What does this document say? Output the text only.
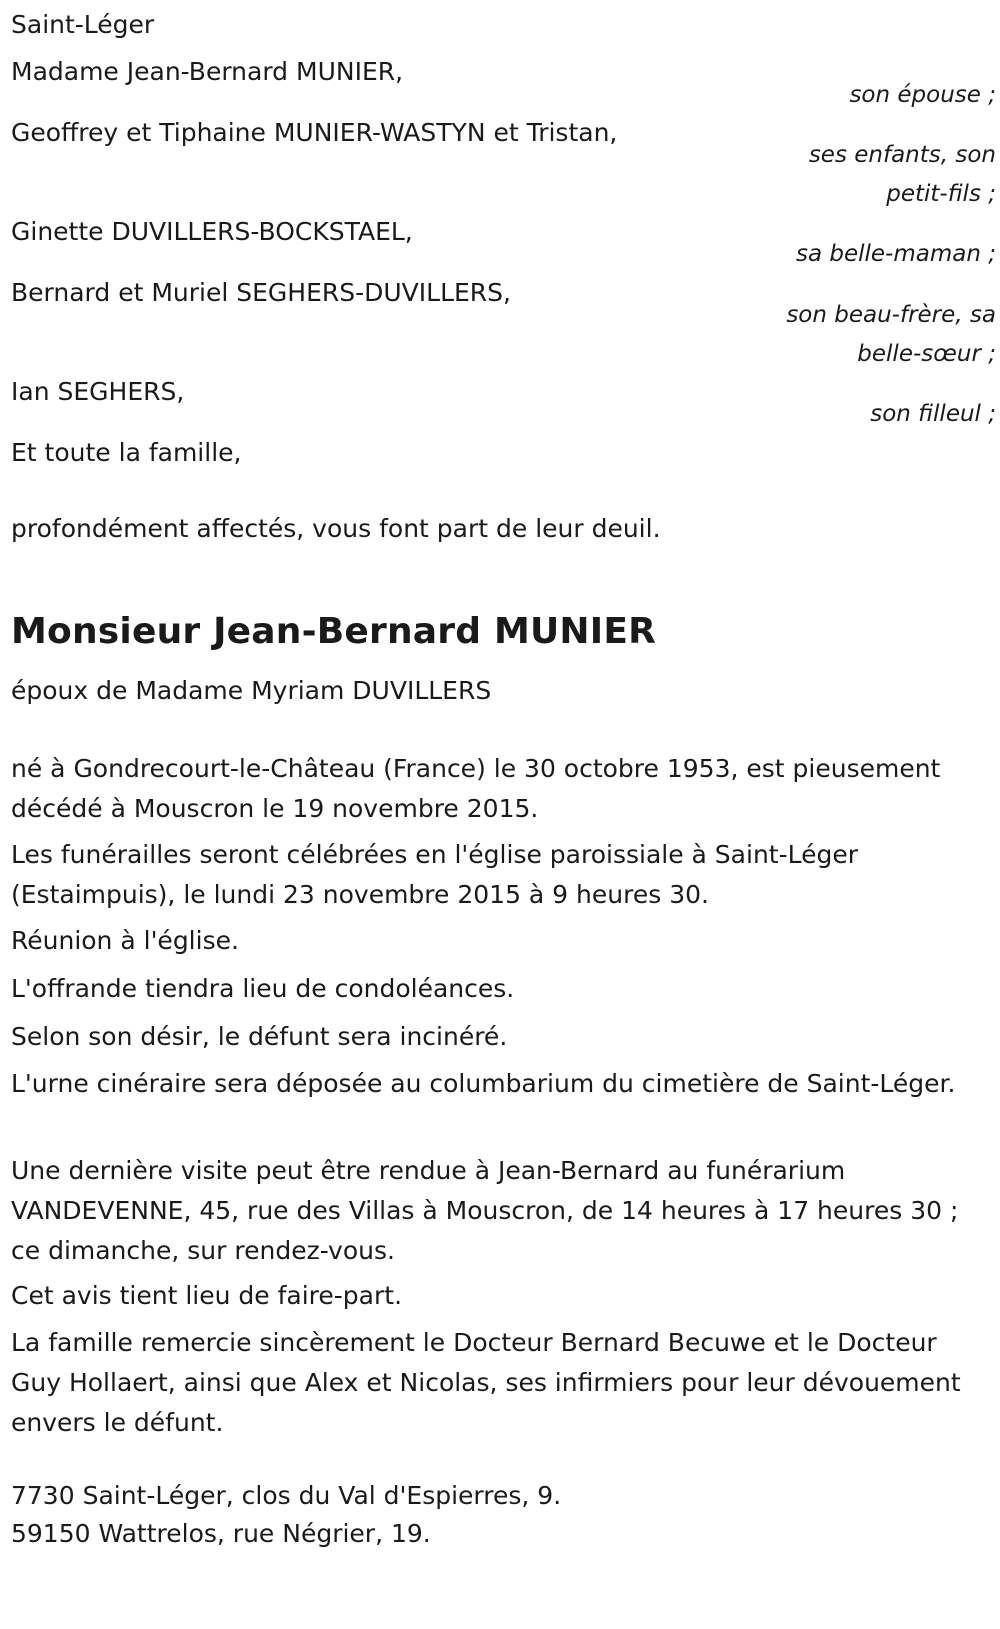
Saint-Léger

Madame Jean-Bernard MUNIER,

son épouse ;

Geoffrey et Tiphaine MUNIER-WASTYN et Tristan,

ses enfants, son
petit-fils ;

Ginette DUVILLERS-BOCKSTAEL,

sa belle-maman ;

Bernard et Muriel SEGHERS-DUVILLERS,

son beau-frère, sa
belle-sœur ;

Ian SEGHERS,

son filleul ;

Et toute la famille,

profondément affectés, vous font part de leur deuil.

Monsieur Jean-Bernard MUNIER

époux de Madame Myriam DUVILLERS

né à Gondrecourt-le-Château (France) le 30 octobre 1953, est pieusement décédé à Mouscron le 19 novembre 2015.

Les funérailles seront célébrées en l'église paroissiale à Saint-Léger (Estaimpuis), le lundi 23 novembre 2015 à 9 heures 30.

Réunion à l'église.

L'offrande tiendra lieu de condoléances.

Selon son désir, le défunt sera incinéré.

L'urne cinéraire sera déposée au columbarium du cimetière de Saint-Léger.

Une dernière visite peut être rendue à Jean-Bernard au funérarium VANDEVENNE, 45, rue des Villas à Mouscron, de 14 heures à 17 heures 30 ; ce dimanche, sur rendez-vous.

Cet avis tient lieu de faire-part.

La famille remercie sincèrement le Docteur Bernard Becuwe et le Docteur Guy Hollaert, ainsi que Alex et Nicolas, ses infirmiers pour leur dévouement envers le défunt.

7730 Saint-Léger, clos du Val d'Espierres, 9.

59150 Wattrelos, rue Négrier, 19.
